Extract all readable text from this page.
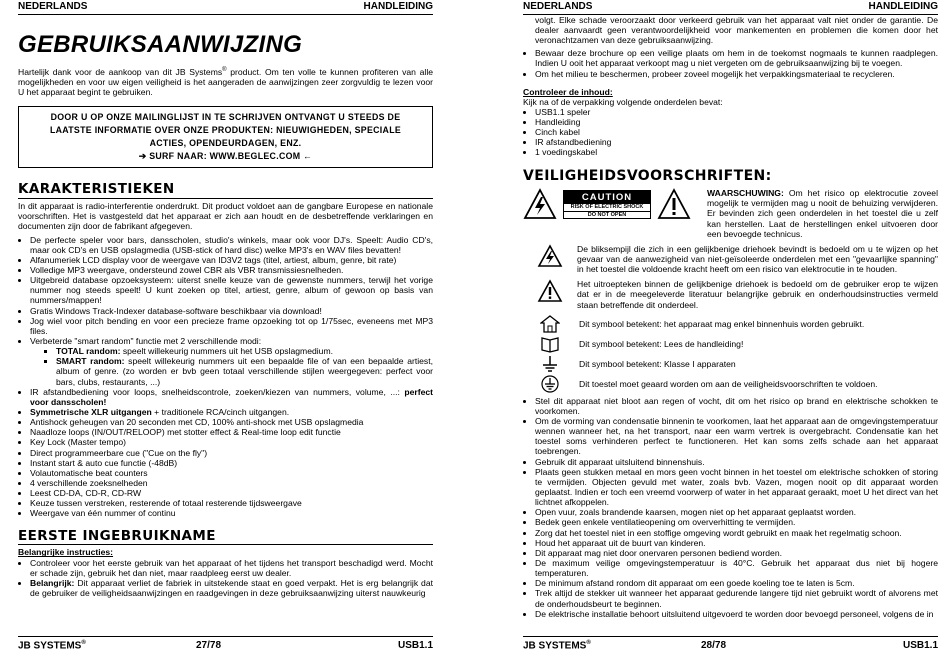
NEDERLANDS	HANDLEIDING
GEBRUIKSAANWIJZING

Hartelijk dank voor de aankoop van dit JB Systems® product. Om ten volle te kunnen profiteren van alle mogelijkheden en voor uw eigen veiligheid is het aangeraden de aanwijzingen zeer zorgvuldig te lezen voor U het apparaat begint te gebruiken.

DOOR U OP ONZE MAILINGLIJST IN TE SCHRIJVEN ONTVANGT U STEEDS DE
LAATSTE INFORMATIE OVER ONZE PRODUKTEN: NIEUWIGHEDEN, SPECIALE
ACTIES, OPENDEURDAGEN, ENZ.
➔ SURF NAAR: WWW.BEGLEC.COM ←
KARAKTERISTIEKEN

In dit apparaat is radio-interferentie onderdrukt. Dit product voldoet aan de gangbare Europese en nationale voorschriften. Het is vastgesteld dat het apparaat er zich aan houdt en de desbetreffende verklaringen en documenten zijn door de fabrikant afgegeven.

• De perfecte speler voor bars, dansscholen, studio's winkels, maar ook voor DJ's. Speelt: Audio CD's, maar ook CD's en USB opslagmedia (USB-stick of hard disc) welke MP3's en WAV files bevatten!
• Alfanumeriek LCD display voor de weergave van ID3V2 tags (titel, artiest, album, genre, bit rate)
• Volledige MP3 weergave, ondersteund zowel CBR als VBR transmissiesnelheden.
• Uitgebreid database opzoeksysteem: uiterst snelle keuze van de gewenste nummers, terwijl het vorige nummer nog steeds speelt! U kunt zoeken op titel, artiest, genre, album of gewoon op basis van nummers/mappen!
• Gratis Windows Track-Indexer database-software beschikbaar via download!
• Jog wiel voor pitch bending en voor een precieze frame opzoeking tot op 1/75sec, eveneens met MP3 files.
• Verbeterde "smart random" functie met 2 verschillende modi:
▪ TOTAL random: speelt willekeurig nummers uit het USB opslagmedium.
▪ SMART random: speelt willekeurig nummers uit een bepaalde file of van een bepaalde artiest, album of genre. (zo worden er bvb geen totaal verschillende stijlen weergegeven: perfect voor bars, clubs, restaurants, ...)
• IR afstandbediening voor loops, snelheidscontrole, zoeken/kiezen van nummers, volume, ...: perfect voor dansscholen!
• Symmetrische XLR uitgangen + traditionele RCA/cinch uitgangen.
• Antishock geheugen van 20 seconden met CD, 100% anti-shock met USB opslagmedia
• Naadloze loops (IN/OUT/RELOOP) met stotter effect & Real-time loop edit functie
• Key Lock (Master tempo)
• Direct programmeerbare cue ("Cue on the fly")
• Instant start & auto cue functie (-48dB)
• Volautomatische beat counters
• 4 verschillende zoeksnelheden
• Leest CD-DA, CD-R, CD-RW
• Keuze tussen verstreken, resterende of totaal resterende tijdsweergave
• Weergave van één nummer of continu
EERSTE INGEBRUIKNAME
Belangrijke instructies:
• Controleer voor het eerste gebruik van het apparaat of het tijdens het transport beschadigd werd. Mocht er schade zijn, gebruik het dan niet, maar raadpleeg eerst uw dealer.
• Belangrijk: Dit apparaat verliet de fabriek in uitstekende staat en goed verpakt. Het is erg belangrijk dat de gebruiker de veiligheidsaanwijzingen en raadgevingen in deze gebruiksaanwijzing uiterst nauwkeurig
JB SYSTEMS®	27/78	USB1.1
NEDERLANDS	HANDLEIDING

volgt. Elke schade veroorzaakt door verkeerd gebruik van het apparaat valt niet onder de garantie. De dealer aanvaardt geen verantwoordelijkheid voor mankementen en problemen die komen door het veronachtzamen van deze gebruiksaanwijzing.

• Bewaar deze brochure op een veilige plaats om hem in de toekomst nogmaals te kunnen raadplegen. Indien U ooit het apparaat verkoopt mag u niet vergeten om de gebruiksaanwijzing bij te voegen.
• Om het milieu te beschermen, probeer zoveel mogelijk het verpakkingsmateriaal te recycleren.
Controleer de inhoud:
Kijk na of de verpakking volgende onderdelen bevat:
• USB1.1 speler
• Handleiding
• Cinch kabel
• IR afstandbediening
• 1 voedingskabel
VEILIGHEIDSVOORSCHRIFTEN:
CAUTION
RISK OF ELECTRIC SHOCK
DO NOT OPEN

WAARSCHUWING: Om het risico op elektrocutie zoveel mogelijk te vermijden mag u nooit de behuizing verwijderen. Er bevinden zich geen onderdelen in het toestel die u zelf kan herstellen. Laat de herstellingen enkel uitvoeren door een bevoegde technicus.

De bliksempijl die zich in een gelijkbenige driehoek bevindt is bedoeld om u te wijzen op het gevaar van de aanwezigheid van niet-geïsoleerde onderdelen met een "gevaarlijke spanning" in het toestel die voldoende kracht heeft om een risico van elektrocutie in te houden.

Het uitroepteken binnen de gelijkbenige driehoek is bedoeld om de gebruiker erop te wijzen dat er in de meegeleverde literatuur belangrijke gebruik en onderhoudsinstructies vermeld staan betreffende dit onderdeel.

Dit symbool betekent: het apparaat mag enkel binnenhuis worden gebruikt.
Dit symbool betekent: Lees de handleiding!
Dit symbool betekent: Klasse I apparaten
Dit toestel moet geaard worden om aan de veiligheidsvoorschriften te voldoen.
• Stel dit apparaat niet bloot aan regen of vocht, dit om het risico op brand en elektrische schokken te voorkomen.
• Om de vorming van condensatie binnenin te voorkomen, laat het apparaat aan de omgevingstemperatuur wennen wanneer het, na het transport, naar een warm vertrek is overgebracht. Condensatie kan het toestel soms verhinderen perfect te functioneren. Het kan soms zelfs schade aan het apparaat toebrengen.
• Gebruik dit apparaat uitsluitend binnenshuis.
• Plaats geen stukken metaal en mors geen vocht binnen in het toestel om elektrische schokken of storing te vermijden. Objecten gevuld met water, zoals bvb. Vazen, mogen nooit op dit apparaat worden geplaatst. Indien er toch een vreemd voorwerp of water in het apparaat geraakt, moet U het direct van het lichtnet afkoppelen.
• Open vuur, zoals brandende kaarsen, mogen niet op het apparaat geplaatst worden.
• Bedek geen enkele ventilatieopening om oververhitting te vermijden.
• Zorg dat het toestel niet in een stoffige omgeving wordt gebruikt en maak het regelmatig schoon.
• Houd het apparaat uit de buurt van kinderen.
• Dit apparaat mag niet door onervaren personen bediend worden.
• De maximum veilige omgevingstemperatuur is 40°C. Gebruik het apparaat dus niet bij hogere temperaturen.
• De minimum afstand rondom dit apparaat om een goede koeling toe te laten is 5cm.
• Trek altijd de stekker uit wanneer het apparaat gedurende langere tijd niet gebruikt wordt of alvorens met de onderhoudsbeurt te beginnen.
• De elektrische installatie behoort uitsluitend uitgevoerd te worden door bevoegd personeel, volgens de in
JB SYSTEMS®	28/78	USB1.1
